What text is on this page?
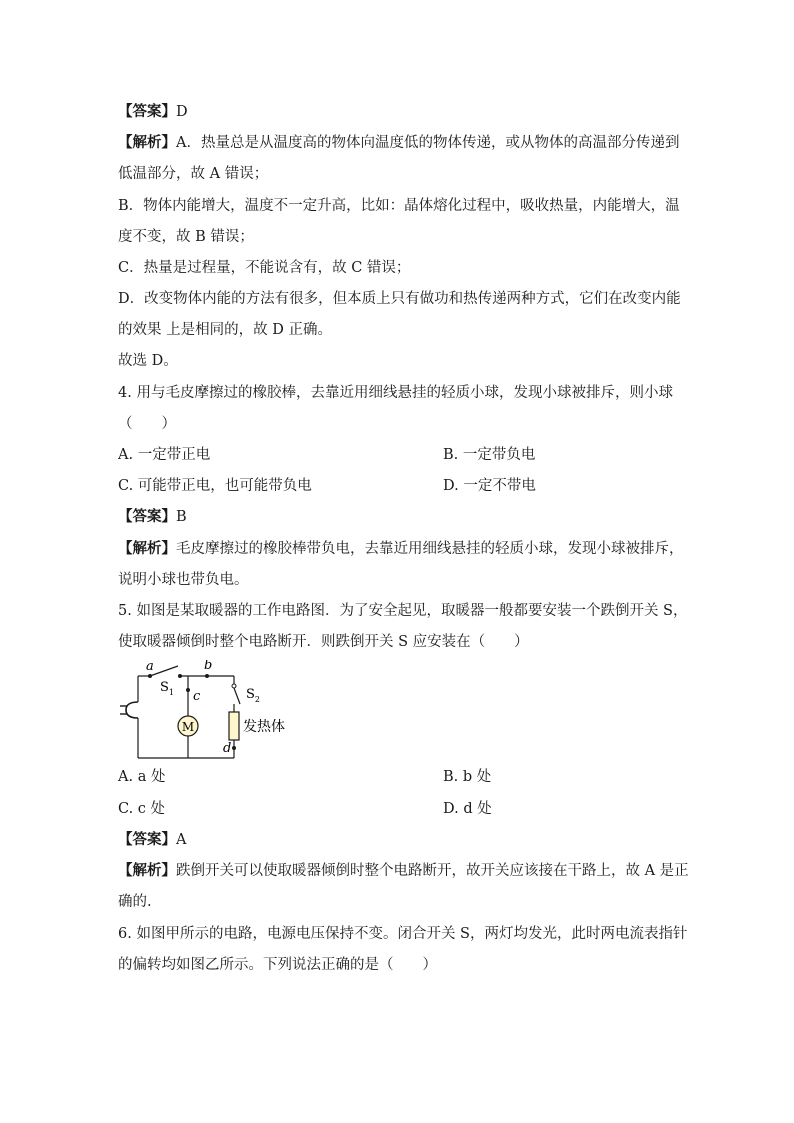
【答案】D
【解析】A．热量总是从温度高的物体向温度低的物体传递，或从物体的高温部分传递到
低温部分，故 A 错误；
B．物体内能增大，温度不一定升高，比如：晶体熔化过程中，吸收热量，内能增大，温
度不变，故 B 错误；
C．热量是过程量，不能说含有，故 C 错误；
D．改变物体内能的方法有很多，但本质上只有做功和热传递两种方式，它们在改变内能
的效果 上是相同的，故 D 正确。
故选 D。
4. 用与毛皮摩擦过的橡胶棒，去靠近用细线悬挂的轻质小球，发现小球被排斥，则小球
（　　）
A. 一定带正电	B. 一定带负电
C. 可能带正电，也可能带负电	D. 一定不带电
【答案】B
【解析】毛皮摩擦过的橡胶棒带负电，去靠近用细线悬挂的轻质小球，发现小球被排斥，
说明小球也带负电。
5. 如图是某取暖器的工作电路图．为了安全起见，取暖器一般都要安装一个跌倒开关 S，
使取暖器倾倒时整个电路断开．则跌倒开关 S 应安装在（　　）
M	发热体
a	b
c
d
$S_1$	$S_2$
A. a 处	B. b 处
C. c 处	D. d 处
【答案】A
【解析】跌倒开关可以使取暖器倾倒时整个电路断开，故开关应该接在干路上，故 A 是正
确的.
6. 如图甲所示的电路，电源电压保持不变。闭合开关 S，两灯均发光，此时两电流表指针
的偏转均如图乙所示。下列说法正确的是（　　）
